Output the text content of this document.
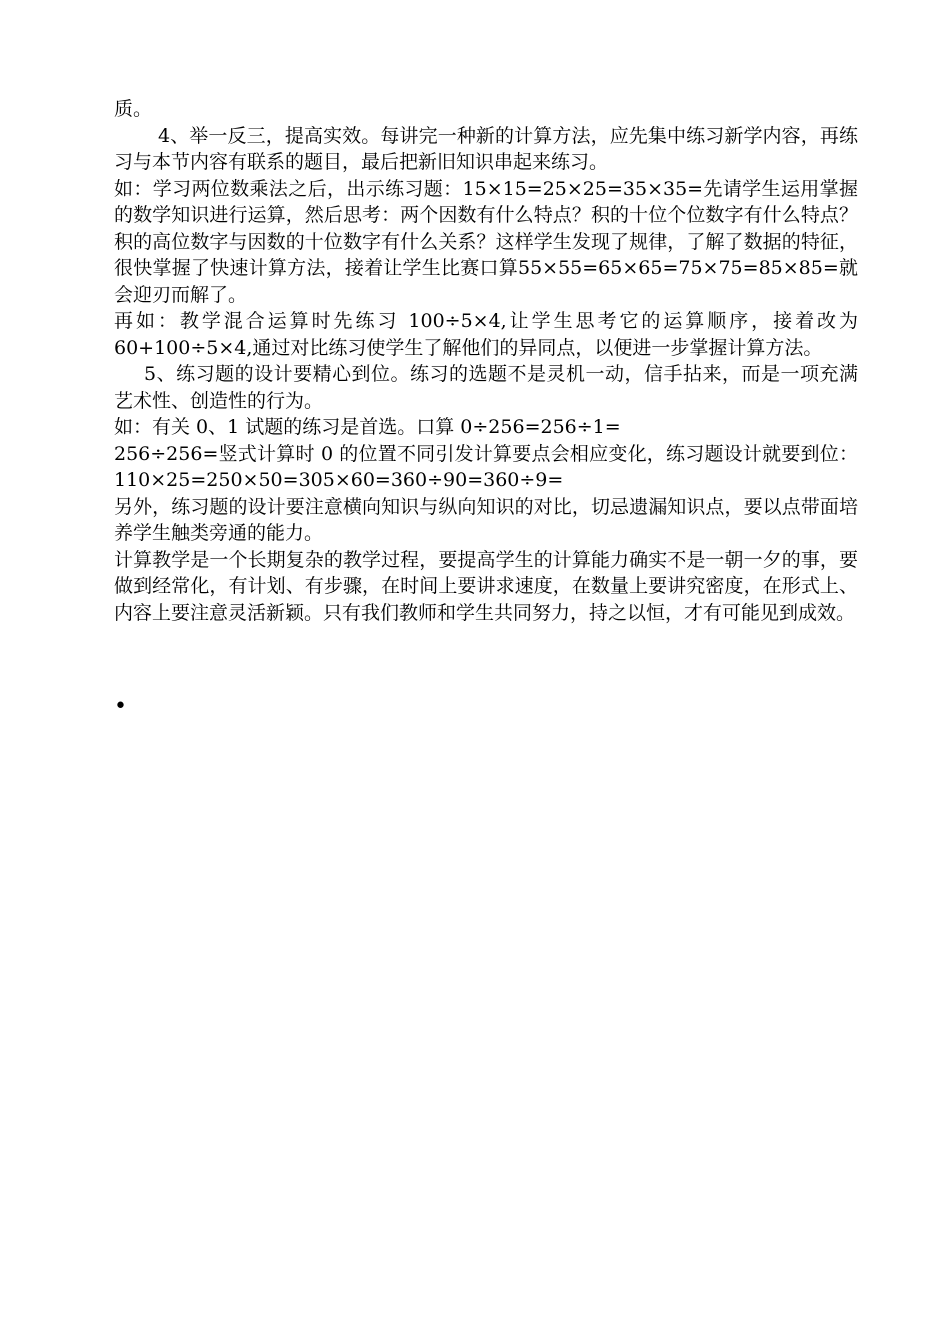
质。

4、举一反三，提高实效。每讲完一种新的计算方法，应先集中练习新学内容，再练习与本节内容有联系的题目，最后把新旧知识串起来练习。

如：学习两位数乘法之后，出示练习题：15×15=25×25=35×35=先请学生运用掌握的数学知识进行运算，然后思考：两个因数有什么特点？积的十位个位数字有什么特点？积的高位数字与因数的十位数字有什么关系？这样学生发现了规律，了解了数据的特征，很快掌握了快速计算方法，接着让学生比赛口算55×55=65×65=75×75=85×85=就会迎刃而解了。

再如：教学混合运算时先练习 100÷5×4,让学生思考它的运算顺序，接着改为60+100÷5×4,通过对比练习使学生了解他们的异同点，以便进一步掌握计算方法。

5、练习题的设计要精心到位。练习的选题不是灵机一动，信手拈来，而是一项充满艺术性、创造性的行为。

如：有关 0、1 试题的练习是首选。口算 0÷256=256÷1=

256÷256=竖式计算时 0 的位置不同引发计算要点会相应变化，练习题设计就要到位：110×25=250×50=305×60=360÷90=360÷9=

另外，练习题的设计要注意横向知识与纵向知识的对比，切忌遗漏知识点，要以点带面培养学生触类旁通的能力。

计算教学是一个长期复杂的教学过程，要提高学生的计算能力确实不是一朝一夕的事，要做到经常化，有计划、有步骤，在时间上要讲求速度，在数量上要讲究密度，在形式上、内容上要注意灵活新颖。只有我们教师和学生共同努力，持之以恒，才有可能见到成效。

•
